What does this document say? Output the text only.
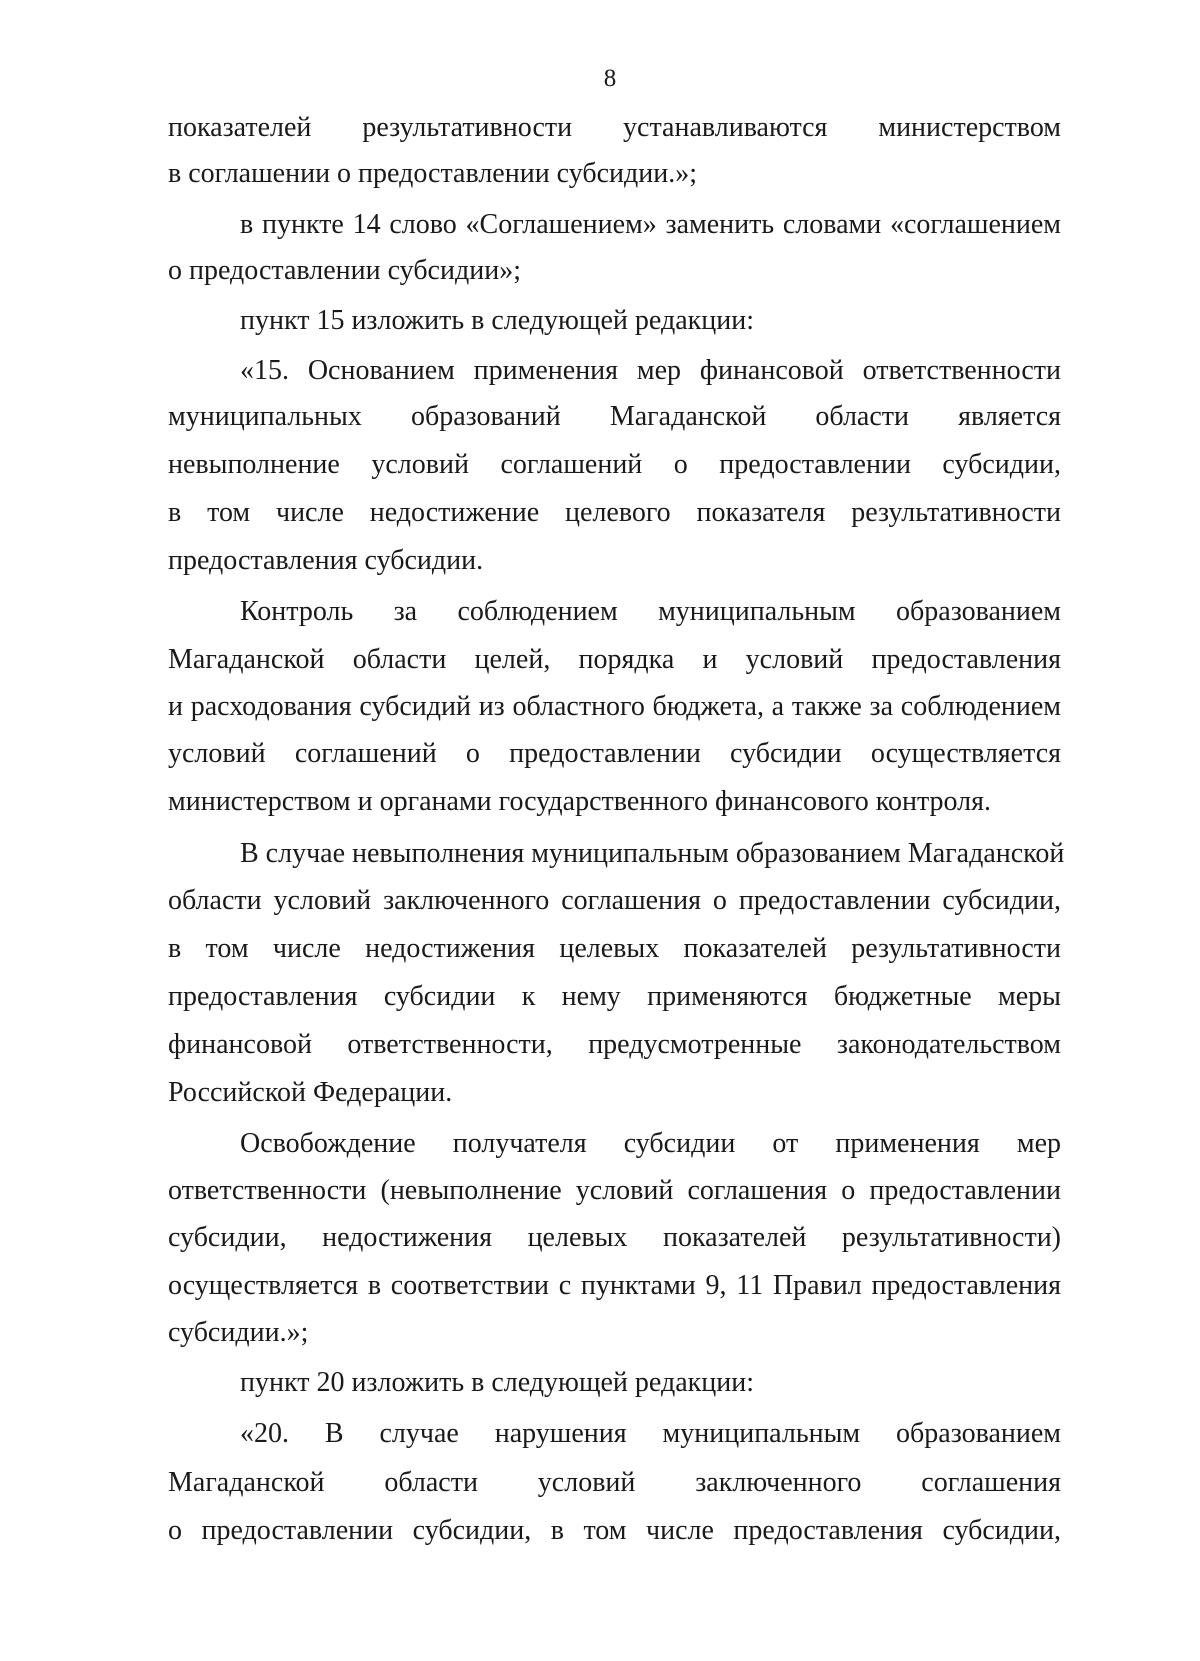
8
показателей результативности устанавливаются министерством
в соглашении о предоставлении субсидии.»;
в пункте 14 слово «Соглашением» заменить словами «соглашением
о предоставлении субсидии»;
пункт 15 изложить в следующей редакции:
«15. Основанием применения мер финансовой ответственности
муниципальных образований Магаданской области является
невыполнение условий соглашений о предоставлении субсидии,
в том числе недостижение целевого показателя результативности
предоставления субсидии.
Контроль за соблюдением муниципальным образованием
Магаданской области целей, порядка и условий предоставления
и расходования субсидий из областного бюджета, а также за соблюдением
условий соглашений о предоставлении субсидии осуществляется
министерством и органами государственного финансового контроля.
В случае невыполнения муниципальным образованием Магаданской
области условий заключенного соглашения о предоставлении субсидии,
в том числе недостижения целевых показателей результативности
предоставления субсидии к нему применяются бюджетные меры
финансовой ответственности, предусмотренные законодательством
Российской Федерации.
Освобождение получателя субсидии от применения мер
ответственности (невыполнение условий соглашения о предоставлении
субсидии, недостижения целевых показателей результативности)
осуществляется в соответствии с пунктами 9, 11 Правил предоставления
субсидии.»;
пункт 20 изложить в следующей редакции:
«20. В случае нарушения муниципальным образованием
Магаданской области условий заключенного соглашения
о предоставлении субсидии, в том числе предоставления субсидии,
